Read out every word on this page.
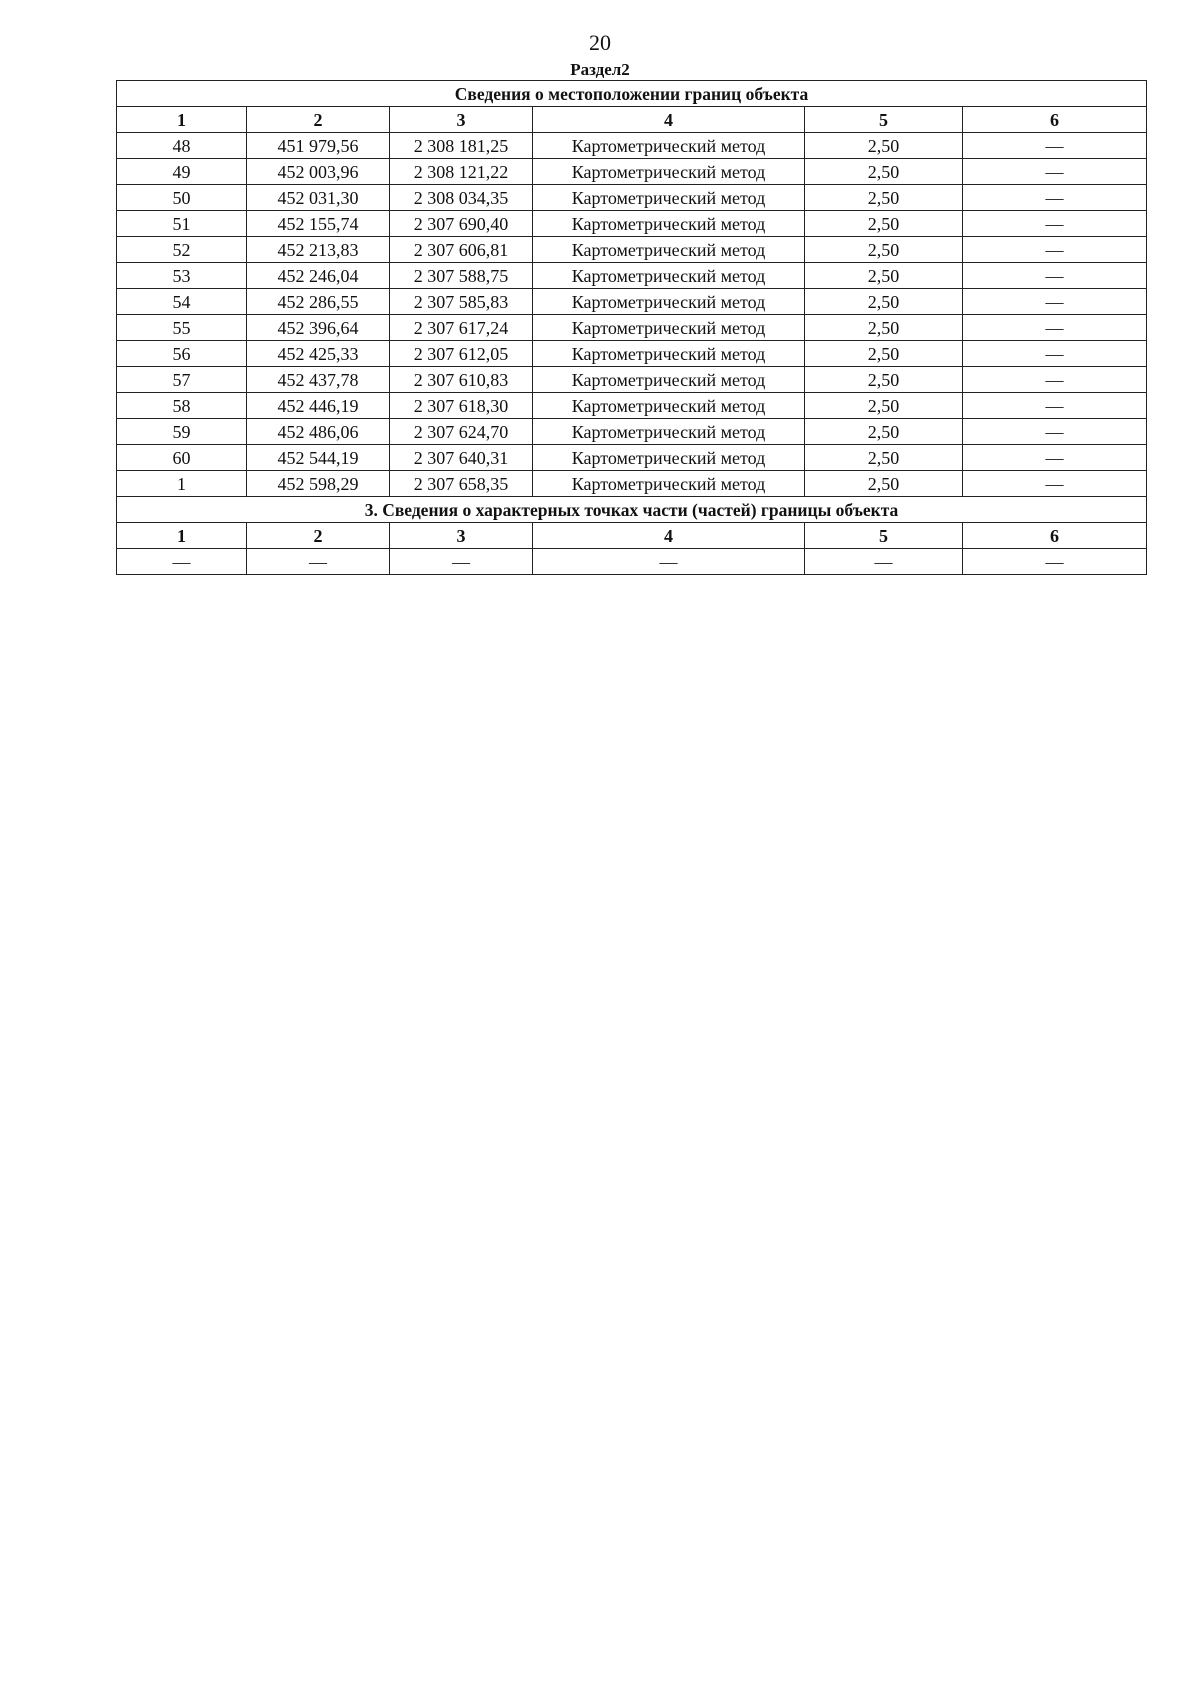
20
Раздел2
Сведения о местоположении границ объекта					
1	2	3	4	5	6
48	451 979,56	2 308 181,25	Картометрический метод	2,50	—
49	452 003,96	2 308 121,22	Картометрический метод	2,50	—
50	452 031,30	2 308 034,35	Картометрический метод	2,50	—
51	452 155,74	2 307 690,40	Картометрический метод	2,50	—
52	452 213,83	2 307 606,81	Картометрический метод	2,50	—
53	452 246,04	2 307 588,75	Картометрический метод	2,50	—
54	452 286,55	2 307 585,83	Картометрический метод	2,50	—
55	452 396,64	2 307 617,24	Картометрический метод	2,50	—
56	452 425,33	2 307 612,05	Картометрический метод	2,50	—
57	452 437,78	2 307 610,83	Картометрический метод	2,50	—
58	452 446,19	2 307 618,30	Картометрический метод	2,50	—
59	452 486,06	2 307 624,70	Картометрический метод	2,50	—
60	452 544,19	2 307 640,31	Картометрический метод	2,50	—
1	452 598,29	2 307 658,35	Картометрический метод	2,50	—
3. Сведения о характерных точках части (частей) границы объекта					
1	2	3	4	5	6
—	—	—	—	—	—
